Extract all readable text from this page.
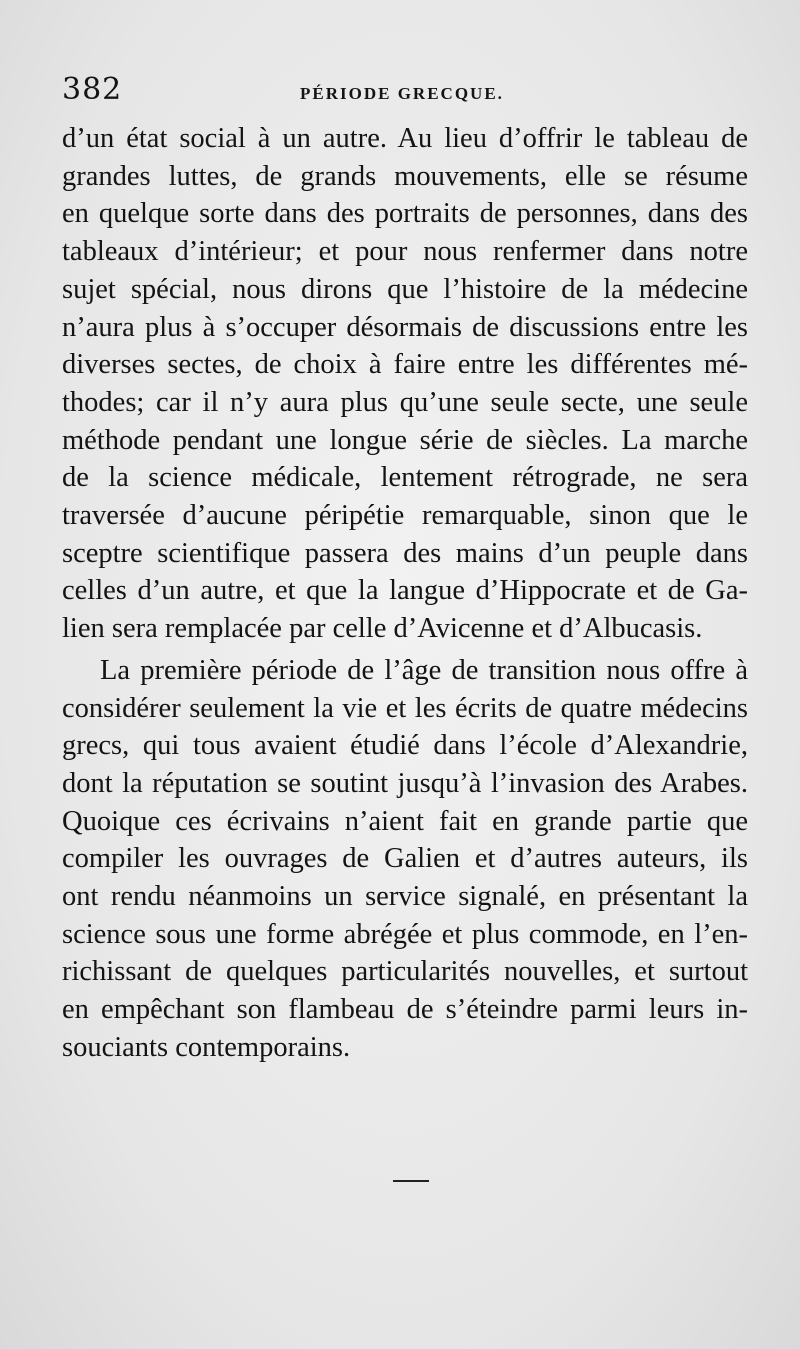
382	PÉRIODE GRECQUE.
d’un état social à un autre. Au lieu d’offrir le tableau de
grandes luttes, de grands mouvements, elle se résume
en quelque sorte dans des portraits de personnes, dans des
tableaux d’intérieur; et pour nous renfermer dans notre
sujet spécial, nous dirons que l’histoire de la médecine
n’aura plus à s’occuper désormais de discussions entre les
diverses sectes, de choix à faire entre les différentes mé-
thodes; car il n’y aura plus qu’une seule secte, une seule
méthode pendant une longue série de siècles. La marche
de la science médicale, lentement rétrograde, ne sera
traversée d’aucune péripétie remarquable, sinon que le
sceptre scientifique passera des mains d’un peuple dans
celles d’un autre, et que la langue d’Hippocrate et de Ga-
lien sera remplacée par celle d’Avicenne et d’Albucasis.
La première période de l’âge de transition nous offre à
considérer seulement la vie et les écrits de quatre médecins
grecs, qui tous avaient étudié dans l’école d’Alexandrie,
dont la réputation se soutint jusqu’à l’invasion des Arabes.
Quoique ces écrivains n’aient fait en grande partie que
compiler les ouvrages de Galien et d’autres auteurs, ils
ont rendu néanmoins un service signalé, en présentant la
science sous une forme abrégée et plus commode, en l’en-
richissant de quelques particularités nouvelles, et surtout
en empêchant son flambeau de s’éteindre parmi leurs in-
souciants contemporains.
